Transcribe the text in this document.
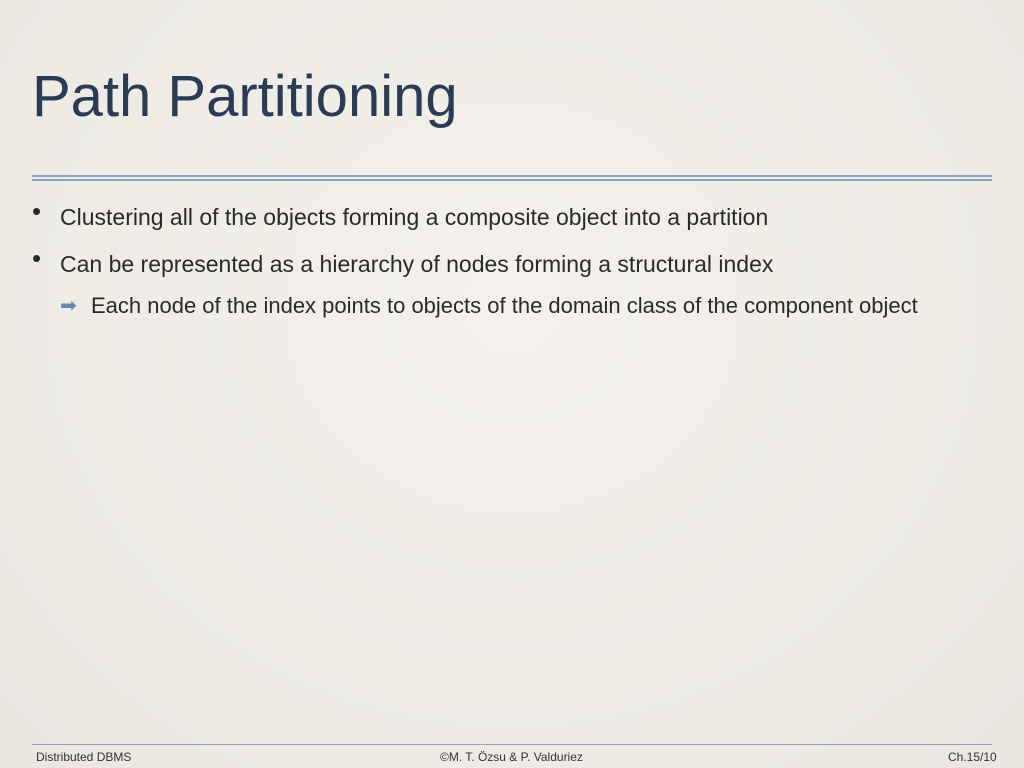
Path Partitioning
• Clustering all of the objects forming a composite object into a partition
• Can be represented as a hierarchy of nodes forming a structural index
➡ Each node of the index points to objects of the domain class of the component object
Distributed DBMS	©M. T. Özsu & P. Valduriez	Ch.15/10
